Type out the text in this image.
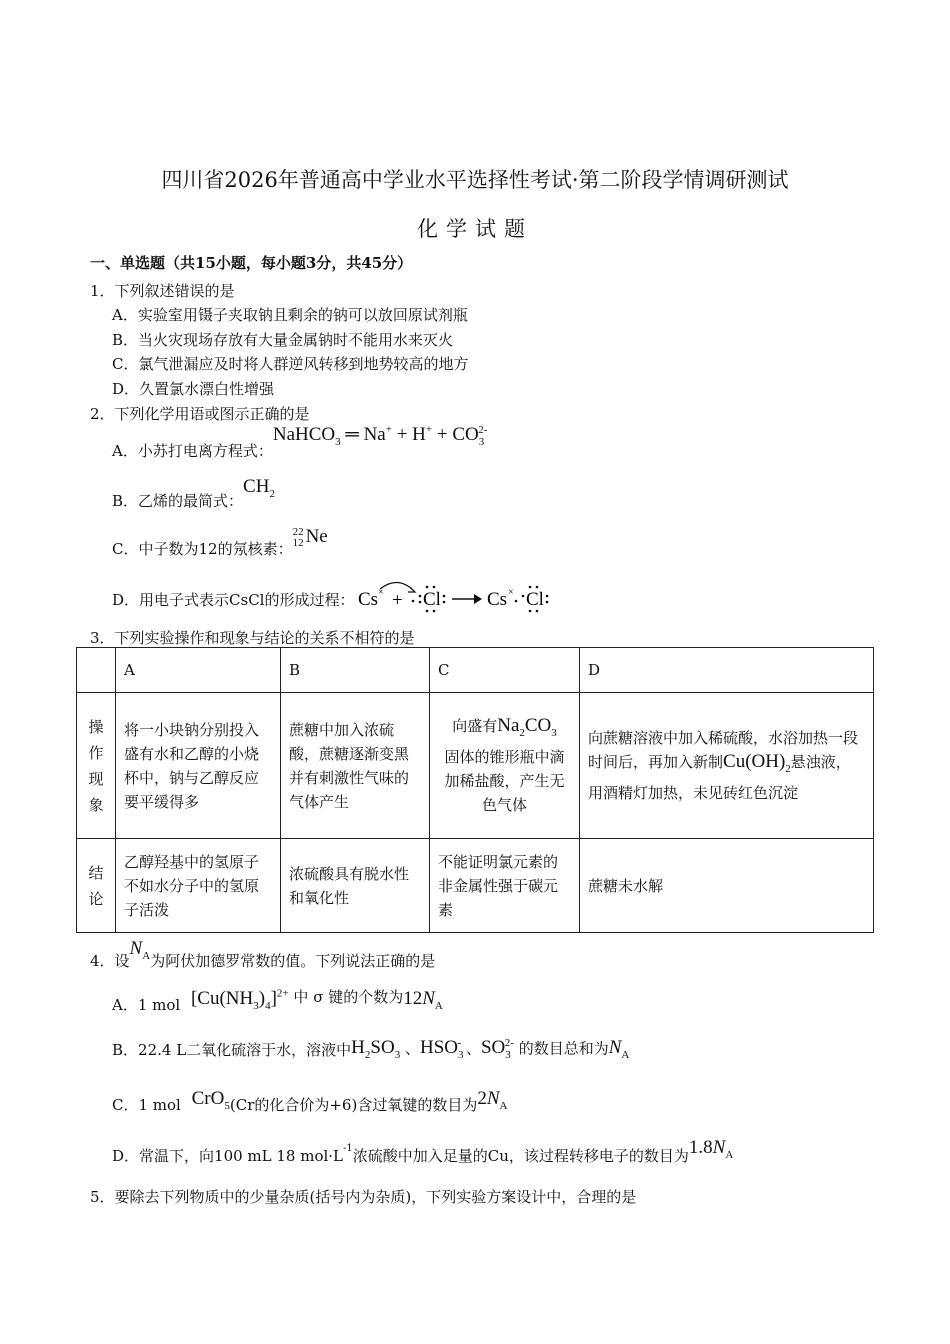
四川省2026年普通高中学业水平选择性考试·第二阶段学情调研测试
化学试题
一、单选题（共15小题，每小题3分，共45分）
1．下列叙述错误的是
A．实验室用镊子夹取钠且剩余的钠可以放回原试剂瓶
B．当火灾现场存放有大量金属钠时不能用水来灭火
C．氯气泄漏应及时将人群逆风转移到地势较高的地方
D．久置氯水漂白性增强
2．下列化学用语或图示正确的是
A．小苏打电离方程式：NaHCO$_3$ ═ $Na^+ + H^+ + CO_3^{2-}$
B．乙烯的最简式：$CH_2$
C．中子数为12的氖核素：22
12 Ne
D．用电子式表示CsCl的形成过程： Cs × + Cl Cs × Cl
3．下列实验操作和现象与结论的关系不相符的是
	A	B	C	D
操作现象	将一小块钠分别投入盛有水和乙醇的小烧杯中，钠与乙醇反应要平缓得多	蔗糖中加入浓硫酸，蔗糖逐渐变黑并有刺激性气味的气体产生	向盛有$Na_2CO_3$
固体的锥形瓶中滴加稀盐酸，产生无色气体	向蔗糖溶液中加入稀硫酸，水浴加热一段时间后，再加入新制$Cu(OH)_2$悬浊液，用酒精灯加热，未见砖红色沉淀
结论	乙醇羟基中的氢原子不如水分子中的氢原子活泼	浓硫酸具有脱水性和氧化性	不能证明氯元素的非金属性强于碳元素	蔗糖未水解
4．设$N_A$为阿伏加德罗常数的值。下列说法正确的是
A．1 mol $[Cu(NH_3)_4]^{2+}$ 中 σ 键的个数为$12N_A$
B．22.4 L二氧化硫溶于水，溶液中$H_2SO_3$ 、$HSO_3^-$ 、$SO_3^{2-}$ 的数目总和为$N_A$
C．1 mol CrO$_5$(Cr的化合价为+6)含过氧键的数目为$2N_A$
D．常温下，向100 mL 18 $mol\cdot L^{-1}$浓硫酸中加入足量的Cu，该过程转移电子的数目为$1.8N_A$
5．要除去下列物质中的少量杂质(括号内为杂质)，下列实验方案设计中，合理的是
